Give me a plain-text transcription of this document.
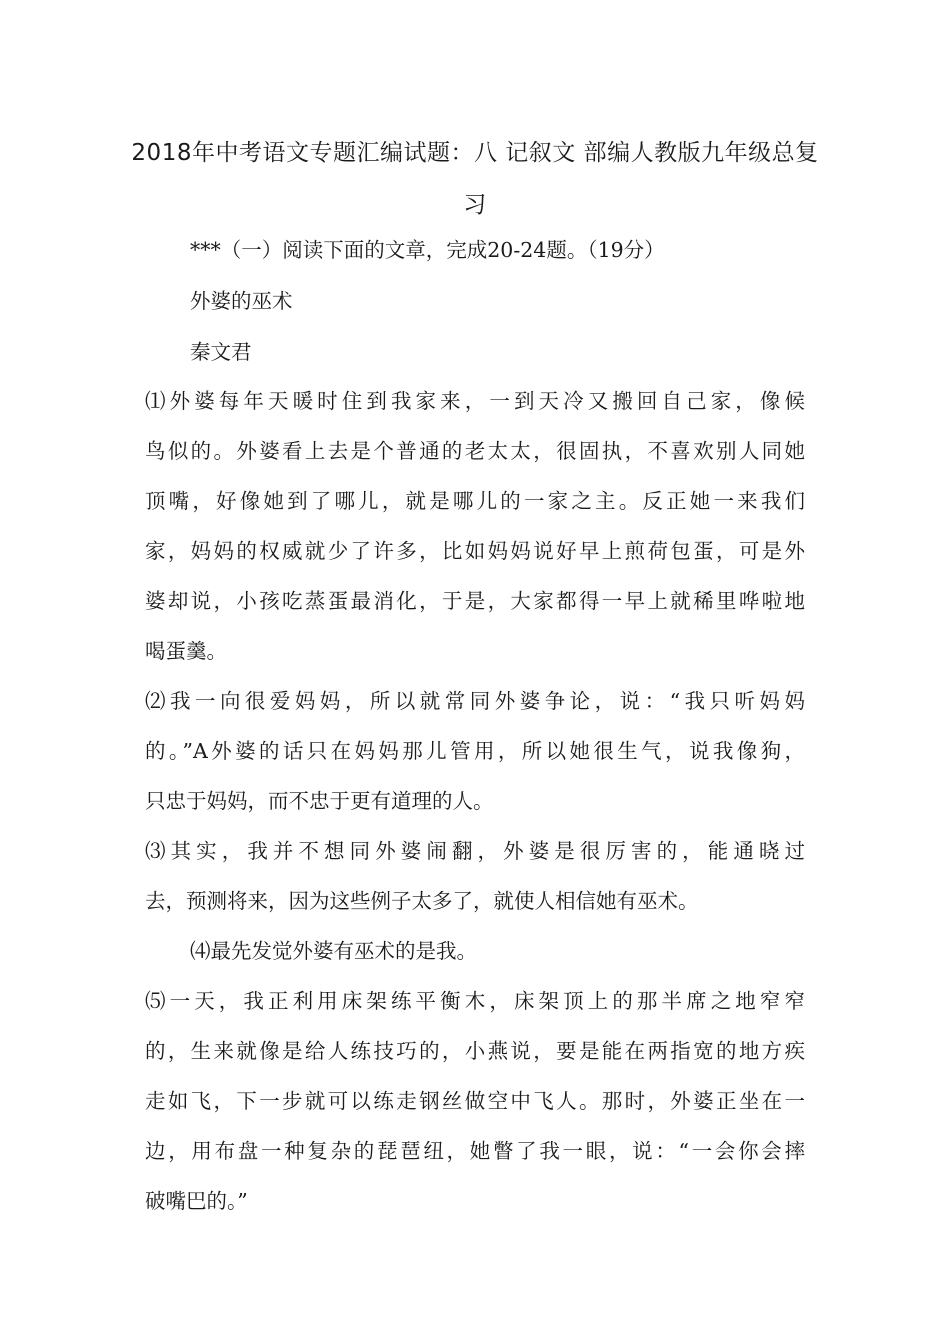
2018年中考语文专题汇编试题：八 记叙文 部编人教版九年级总复
习
***（一）阅读下面的文章，完成20-24题。（19分）
外婆的巫术
秦文君
⑴外婆每年天暖时住到我家来，一到天冷又搬回自己家，像候
鸟似的。外婆看上去是个普通的老太太，很固执，不喜欢别人同她
顶嘴，好像她到了哪儿，就是哪儿的一家之主。反正她一来我们
家，妈妈的权威就少了许多，比如妈妈说好早上煎荷包蛋，可是外
婆却说，小孩吃蒸蛋最消化，于是，大家都得一早上就稀里哗啦地
喝蛋羹。
⑵我一向很爱妈妈，所以就常同外婆争论，说：“我只听妈妈
的。”A外婆的话只在妈妈那儿管用，所以她很生气，说我像狗，
只忠于妈妈，而不忠于更有道理的人。
⑶其实，我并不想同外婆闹翻，外婆是很厉害的，能通晓过
去，预测将来，因为这些例子太多了，就使人相信她有巫术。
⑷最先发觉外婆有巫术的是我。
⑸一天，我正利用床架练平衡木，床架顶上的那半席之地窄窄
的，生来就像是给人练技巧的，小燕说，要是能在两指宽的地方疾
走如飞，下一步就可以练走钢丝做空中飞人。那时，外婆正坐在一
边，用布盘一种复杂的琵琶纽，她瞥了我一眼，说：“一会你会摔
破嘴巴的。”
